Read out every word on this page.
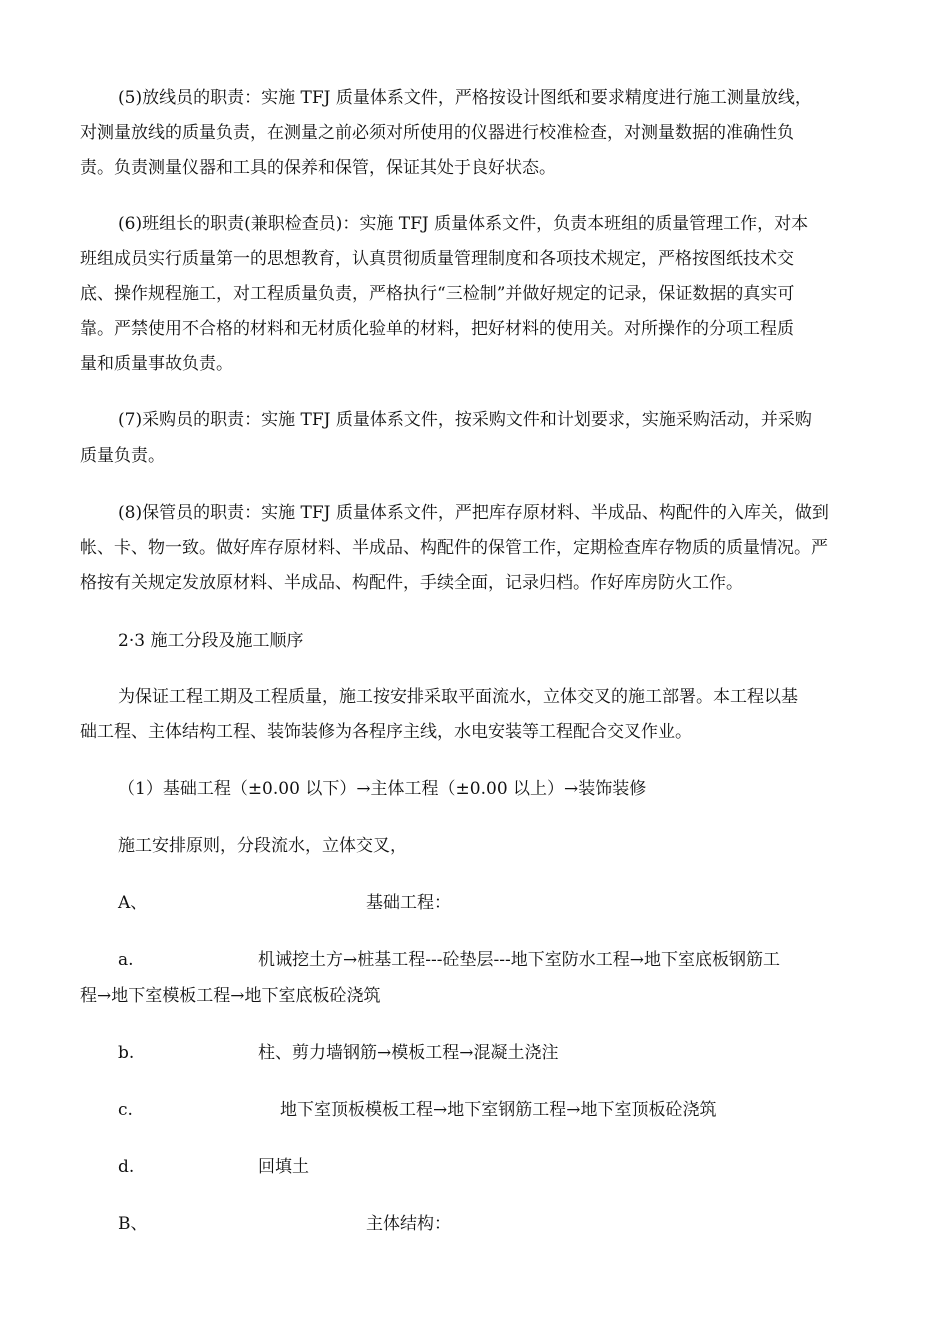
(5)放线员的职责：实施 TFJ 质量体系文件，严格按设计图纸和要求精度进行施工测量放线，
对测量放线的质量负责，在测量之前必须对所使用的仪器进行校准检查，对测量数据的准确性负
责。负责测量仪器和工具的保养和保管，保证其处于良好状态。
(6)班组长的职责(兼职检查员)：实施 TFJ 质量体系文件，负责本班组的质量管理工作，对本
班组成员实行质量第一的思想教育，认真贯彻质量管理制度和各项技术规定，严格按图纸技术交
底、操作规程施工，对工程质量负责，严格执行“三检制”并做好规定的记录，保证数据的真实可
靠。严禁使用不合格的材料和无材质化验单的材料，把好材料的使用关。对所操作的分项工程质
量和质量事故负责。
(7)采购员的职责：实施 TFJ 质量体系文件，按采购文件和计划要求，实施采购活动，并采购
质量负责。
(8)保管员的职责：实施 TFJ 质量体系文件，严把库存原材料、半成品、构配件的入库关，做到
帐、卡、物一致。做好库存原材料、半成品、构配件的保管工作，定期检查库存物质的质量情况。严
格按有关规定发放原材料、半成品、构配件，手续全面，记录归档。作好库房防火工作。
2·3 施工分段及施工顺序
为保证工程工期及工程质量，施工按安排采取平面流水，立体交叉的施工部署。本工程以基
础工程、主体结构工程、装饰装修为各程序主线，水电安装等工程配合交叉作业。
（1）基础工程（±0.00 以下）→主体工程（±0.00 以上）→装饰装修
施工安排原则，分段流水，立体交叉，
A、	基础工程：
a.	机诫挖土方→桩基工程---砼垫层---地下室防水工程→地下室底板钢筋工
程→地下室模板工程→地下室底板砼浇筑
b.	柱、剪力墙钢筋→模板工程→混凝土浇注
c.	地下室顶板模板工程→地下室钢筋工程→地下室顶板砼浇筑
d.	回填土
B、	主体结构：
